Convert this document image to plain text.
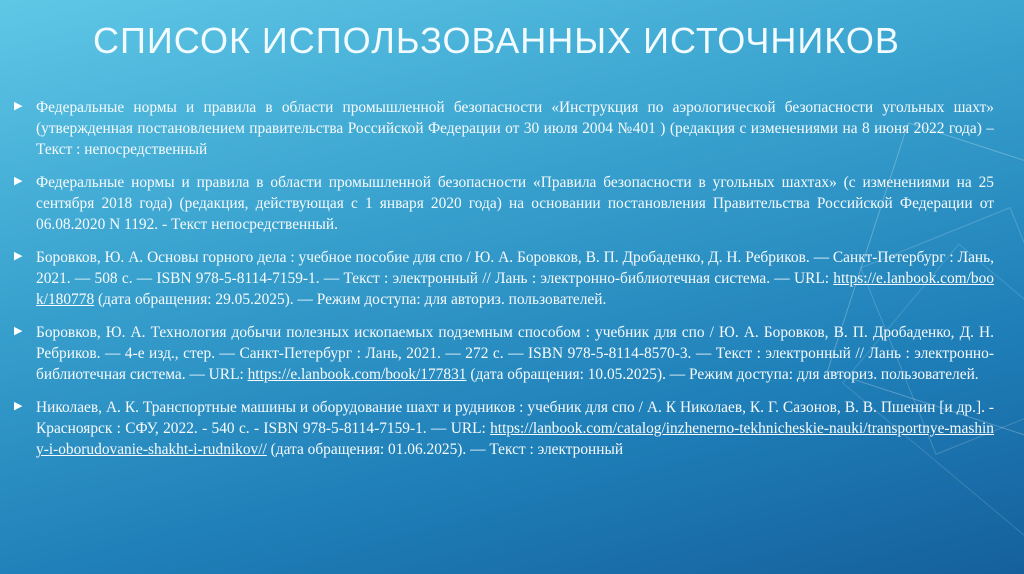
СПИСОК ИСПОЛЬЗОВАННЫХ ИСТОЧНИКОВ
▶ Федеральные нормы и правила в области промышленной безопасности «Инструкция по аэрологической безопасности угольных шахт» (утвержденная постановлением правительства Российской Федерации от 30 июля 2004 №401 ) (редакция с изменениями на 8 июня 2022 года) – Текст : непосредственный

▶ Федеральные нормы и правила в области промышленной безопасности «Правила безопасности в угольных шахтах» (с изменениями на 25 сентября 2018 года) (редакция, действующая с 1 января 2020 года) на основании постановления Правительства Российской Федерации от 06.08.2020 N 1192. - Текст непосредственный.

▶ Боровков, Ю. А. Основы горного дела : учебное пособие для спо / Ю. А. Боровков, В. П. Дробаденко, Д. Н. Ребриков. — Санкт-Петербург : Лань, 2021. — 508 с. — ISBN 978-5-8114-7159-1. — Текст : электронный // Лань : электронно-библиотечная система. — URL: https://e.lanbook.com/book/180778 (дата обращения: 29.05.2025). — Режим доступа: для авториз. пользователей.

▶ Боровков, Ю. А. Технология добычи полезных ископаемых подземным способом : учебник для спо / Ю. А. Боровков, В. П. Дробаденко, Д. Н. Ребриков. — 4-е изд., стер. — Санкт-Петербург : Лань, 2021. — 272 с. — ISBN 978-5-8114-8570-3. — Текст : электронный // Лань : электронно-библиотечная система. — URL: https://e.lanbook.com/book/177831 (дата обращения: 10.05.2025). — Режим доступа: для авториз. пользователей.

▶ Николаев, А. К. Транспортные машины и оборудование шахт и рудников : учебник для спо / А. К Николаев, К. Г. Сазонов, В. В. Пшенин [и др.]. - Красноярск : СФУ, 2022. - 540 с. - ISBN 978-5-8114-7159-1. — URL: https://lanbook.com/catalog/inzhenerno-tekhnicheskie-nauki/transportnye-mashiny-i-oborudovanie-shakht-i-rudnikov// (дата обращения: 01.06.2025). — Текст : электронный
